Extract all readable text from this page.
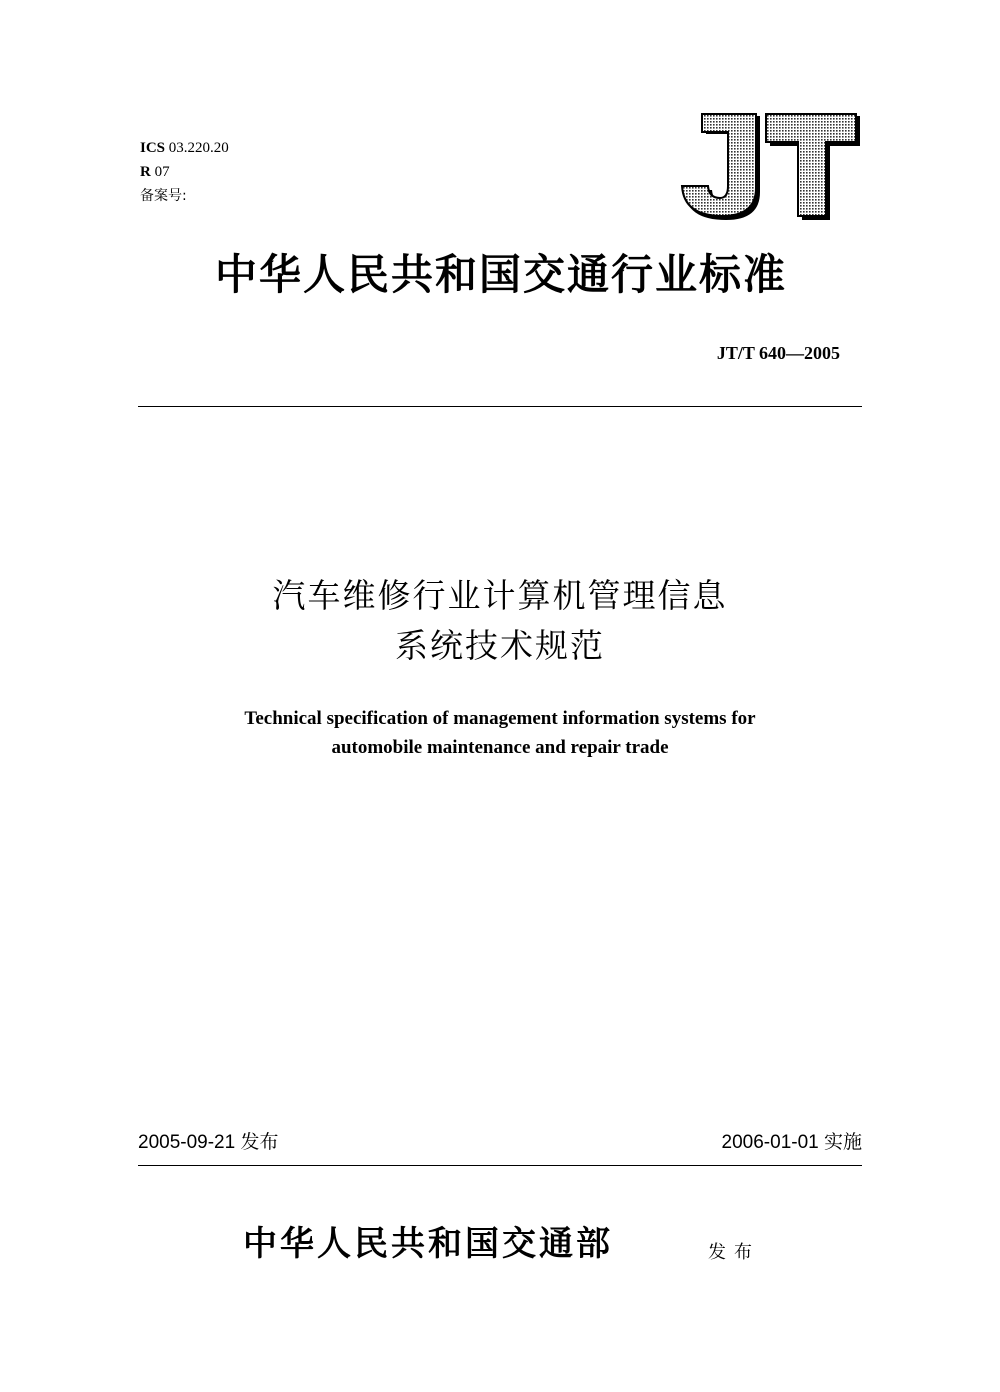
ICS 03.220.20
R 07
备案号:
中华人民共和国交通行业标准
JT/T 640—2005
汽车维修行业计算机管理信息
系统技术规范
Technical specification of management information systems for
automobile maintenance and repair trade
2005-09-21 发布	2006-01-01 实施
中华人民共和国交通部	发布
